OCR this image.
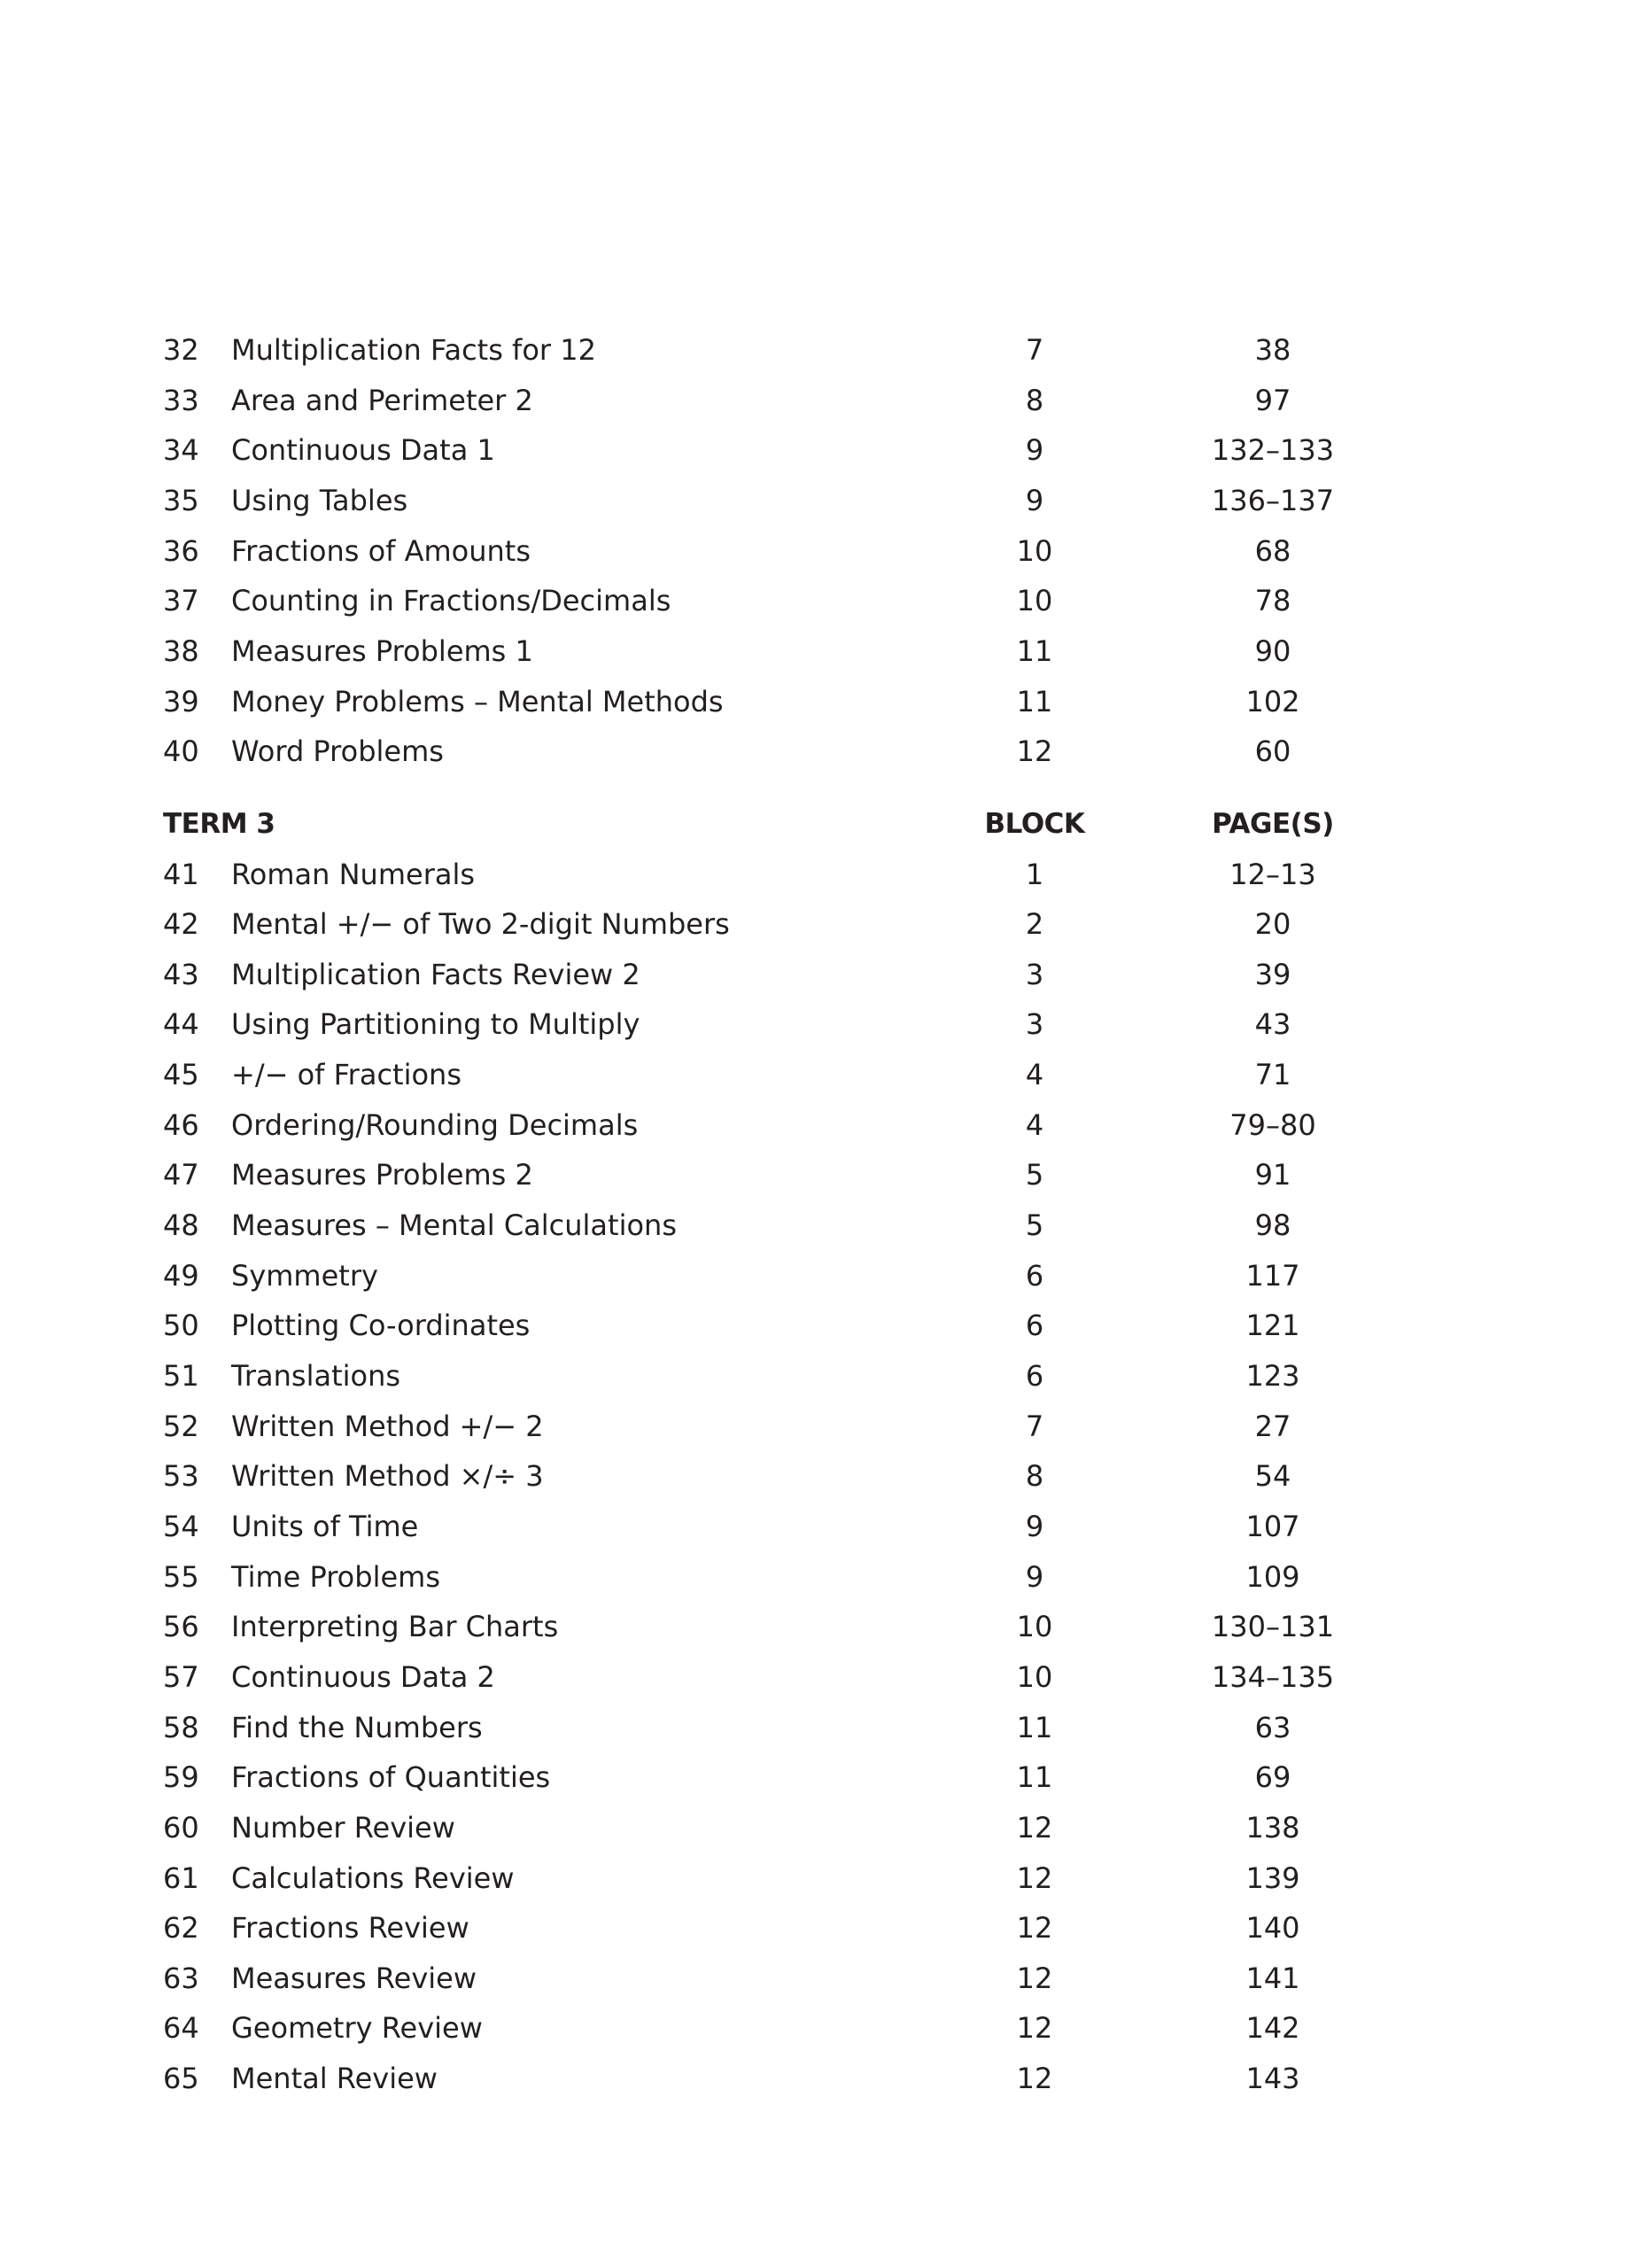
32	Multiplication Facts for 12	7	38
33	Area and Perimeter 2	8	97
34	Continuous Data 1	9	132–133
35	Using Tables	9	136–137
36	Fractions of Amounts	10	68
37	Counting in Fractions/Decimals	10	78
38	Measures Problems 1	11	90
39	Money Problems – Mental Methods	11	102
40	Word Problems	12	60
TERM 3	BLOCK	PAGE(S)
41	Roman Numerals	1	12–13
42	Mental +/− of Two 2-digit Numbers	2	20
43	Multiplication Facts Review 2	3	39
44	Using Partitioning to Multiply	3	43
45	+/− of Fractions	4	71
46	Ordering/Rounding Decimals	4	79–80
47	Measures Problems 2	5	91
48	Measures – Mental Calculations	5	98
49	Symmetry	6	117
50	Plotting Co-ordinates	6	121
51	Translations	6	123
52	Written Method +/− 2	7	27
53	Written Method ×/÷ 3	8	54
54	Units of Time	9	107
55	Time Problems	9	109
56	Interpreting Bar Charts	10	130–131
57	Continuous Data 2	10	134–135
58	Find the Numbers	11	63
59	Fractions of Quantities	11	69
60	Number Review	12	138
61	Calculations Review	12	139
62	Fractions Review	12	140
63	Measures Review	12	141
64	Geometry Review	12	142
65	Mental Review	12	143
